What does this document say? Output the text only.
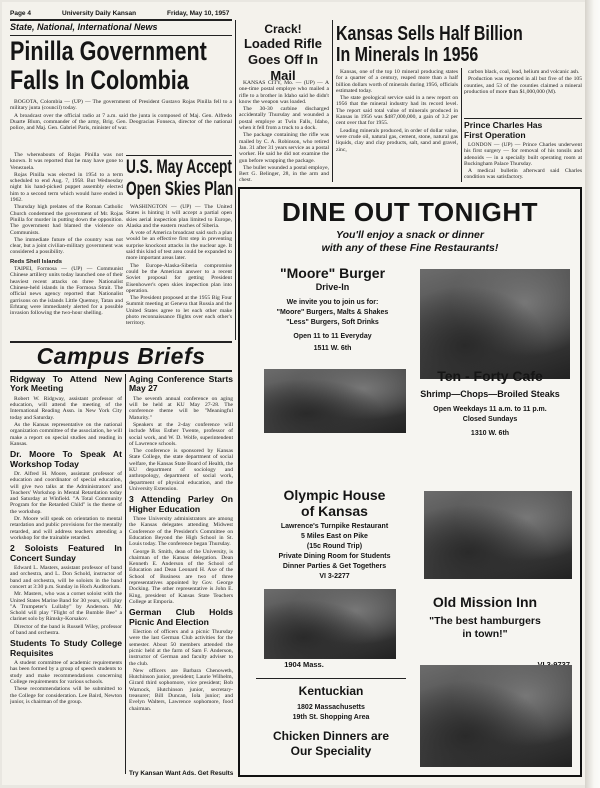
Page 4	University Daily Kansan	Friday, May 10, 1957
State, National, International News
Pinilla Government
Falls In Colombia

BOGOTA, Colombia — (UP) — The government of President Gustavo Rojas Pinilla fell to a military junta (council) today.

A broadcast over the official radio at 7 a.m. said the junta is composed of Maj. Gen. Alfredo Duarte Blum, commander of the army, Brig. Gen. Deogracias Fonseca, director of the national police, and Maj. Gen. Gabriel Paris, minister of war.

The whereabouts of Rojas Pinilla was not known. It was reported that he may have gone to Venezuela.

Rojas Pinilla was elected in 1954 to a term scheduled to end Aug. 7, 1958. But Wednesday night his hand-picked puppet assembly elected him to a second term which would have ended in 1962.

Thursday high prelates of the Roman Catholic Church condemned the government of Mr. Rojas Pinilla for murder in putting down the opposition. The government had blamed the violence on Communists.

The immediate future of the country was not clear, but a joint civilian-military government was considered a possibility.

Reds Shell Islands

TAIPEI, Formosa — (UP) — Communist Chinese artillery units today launched one of their heaviest recent attacks on three Nationalist Chinese-held islands in the Formosa Strait. The official news agency reported that Nationalist garrisons on the islands Little Quemoy, Tatan and Erhtang were immediately alerted for a possible invasion following the two-hour shelling.

U.S. May Accept
Open Skies Plan

WASHINGTON — (UP) — The United States is hinting it will accept a partial open skies aerial inspection plan limited to Europe, Alaska and the eastern reaches of Siberia.

A vote of America broadcast said such a plan would be an effective first step in preventing surprise knockout attacks in the nuclear age. It said this kind of test area could be expanded to more important areas later.

The Europe-Alaska-Siberia compromise could be the American answer to a recent Soviet proposal for getting President Eisenhower's open skies inspection plan into operation.

The President proposed at the 1955 Big Four Summit meeting at Geneva that Russia and the United States agree to let each other make photo reconnaissance flights over each other's territory.

Crack!
Loaded Rifle
Goes Off In Mail

KANSAS CITY, Mo. — (UP) — A one-time postal employe who mailed a rifle to a brother in Idaho said he didn't know the weapon was loaded.

The 30-30 carbine discharged accidentally Thursday and wounded a postal employe at Twin Falls, Idaho, when it fell from a truck to a dock.

The package containing the rifle was mailed by C. A. Robinson, who retired Jan. 31 after 31 years service as a postal worker. He said he did not examine the gun before wrapping the package.

The bullet wounded a postal employe, Bert G. Belinger, 28, in the arm and chest.

Kansas Sells Half Billion
In Minerals In 1956

Kansas, one of the top 10 mineral producing states for a quarter of a century, reaped more than a half billion dollars worth of minerals during 1956, officials estimated today.

The state geological service said in a new report on 1956 that the mineral industry had its record level. The report said total value of minerals produced in Kansas in 1956 was $487,000,000, a gain of 3.2 per cent over that for 1955.

Leading minerals produced, in order of dollar value, were crude oil, natural gas, cement, stone, natural gas liquids, clay and clay products, salt, sand and gravel, zinc,

carbon black, coal, lead, helium and volcanic ash.

Production was reported in all but five of the 105 counties, and 53 of the counties claimed a mineral production of more than $1,000,000 (M).

Prince Charles Has
First Operation

LONDON — (UP) — Prince Charles underwent his first surgery — for removal of his tonsils and adenoids — in a specially built operating room at Buckingham Palace Thursday.

A medical bulletin afterward said Charles condition was satisfactory.

Campus Briefs
Ridgway To Attend New York Meeting

Robert W. Ridgway, assistant professor of education, will attend the meeting of the International Reading Assn. in New York City today and Saturday.

As the Kansas representative on the national organization committee of the association, he will make a report on special studies and reading in Kansas.

Dr. Moore To Speak At Workshop Today

Dr. Alfred H. Moore, assistant professor of education and coordinator of special education, will give two talks at the Administrators' and Teachers' Workshop in Mental Retardation today and Saturday at Winfield. "A Total Community Program for the Retarded Child" is the theme of the workshop.

Dr. Moore will speak on orientation to mental retardation and public provisions for the mentally retarded, and will address teachers attending a workshop for the trainable retarded.

2 Soloists Featured In Concert Sunday

Edward L. Masters, assistant professor of band and orchestra, and L. Don Schold, instructor of band and orchestra, will be soloists in the band concert at 3:30 p.m. Sunday in Hoch Auditorium.

Mr. Masters, who was a cornet soloist with the United States Marine Band for 30 years, will play "A Trumpeter's Lullaby" by Anderson. Mr. Schold will play "Flight of the Bumble Bee" a clarinet solo by Rimsky-Korsakov.

Director of the band is Russell Wiley, professor of band and orchestra.

Students To Study College Requisites

A student committee of academic requirements has been formed by a group of speech students to study and make recommendations concerning College requirements for various schools.

These recommendations will be submitted to the College for consideration. Lee Baird, Newton junior, is chairman of the group.

Aging Conference Starts May 27

The seventh annual conference on aging will be held at KU May 27-28. The conference theme will be "Meaningful Maturity."

Speakers at the 2-day conference will include Miss Esther Twente, professor of social work, and W. D. Wolfe, superintendent of Lawrence schools.

The conference is sponsored by Kansas State College, the state department of social welfare, the Kansas State Board of Health, the KU department of sociology and anthropology, department of social work, department of physical education, and the University Extension.

3 Attending Parley On Higher Education

Three University administrators are among the Kansas delegates attending Midwest Conference of the President's Committee on Education Beyond the High School in St. Louis today. The conference began Thursday.

George B. Smith, dean of the University, is chairman of the Kansas delegation. Dean Kenneth E. Anderson of the School of Education and Dean Leonard H. Axe of the School of Business are two of three representatives appointed by Gov. George Docking. The other representative is John E. King, president of Kansas State Teachers College at Emporia.

German Club Holds Picnic And Election

Election of officers and a picnic Thursday were the last German Club activities for the semester. About 50 members attended the picnic held at the farm of Sam F. Anderson, instructor of German and faculty adviser to the club.

New officers are Barbara Chenoweth, Hutchinson junior, president; Laurie Wilhelm, Girard third sophomore, vice president; Bob Warnock, Hutchinson junior, secretary-treasurer; Bill Duncan, Iola junior; and Evelyn Walters, Lawrence sophomore, food chairman.

Try Kansan Want Ads. Get Results
DINE OUT TONIGHT
You'll enjoy a snack or dinner
with any of these Fine Restaurants!
"Moore" Burger
Drive-In
We invite you to join us for:
"Moore" Burgers, Malts & Shakes
"Less" Burgers, Soft Drinks
Open 11 to 11 Everyday
1511 W. 6th
Ten - Forty Cafe
Shrimp—Chops—Broiled Steaks
Open Weekdays 11 a.m. to 11 p.m.
Closed Sundays
1310 W. 6th
Olympic House
of Kansas
Lawrence's Turnpike Restaurant
5 Miles East on Pike
(15c Round Trip)
Private Dining Room for Students
Dinner Parties & Get Togethers
VI 3-2277
Old Mission Inn
"The best hamburgers
in town!"
1904 Mass.
Kentuckian
1802 Massachusetts
19th St. Shopping Area
Chicken Dinners are
Our Speciality
